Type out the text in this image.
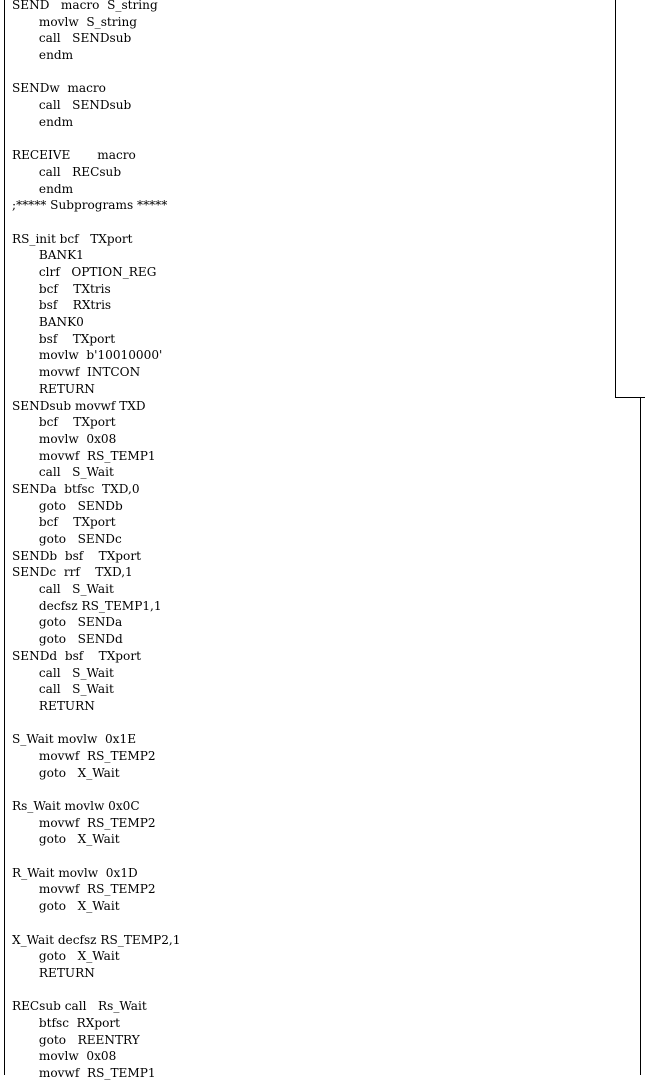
SEND   macro  S_string
movlw  S_string
call   SENDsub
endm
SENDw  macro
call   SENDsub
endm
RECEIVE       macro
call   RECsub
endm
;***** Subprograms *****
RS_init bcf   TXport
BANK1
clrf   OPTION_REG
bcf    TXtris
bsf    RXtris
BANK0
bsf    TXport
movlw  b'10010000'
movwf  INTCON
RETURN
SENDsub movwf TXD
bcf    TXport
movlw  0x08
movwf  RS_TEMP1
call   S_Wait
SENDa  btfsc  TXD,0
goto   SENDb
bcf    TXport
goto   SENDc
SENDb  bsf    TXport
SENDc  rrf    TXD,1
call   S_Wait
decfsz RS_TEMP1,1
goto   SENDa
goto   SENDd
SENDd  bsf    TXport
call   S_Wait
call   S_Wait
RETURN
S_Wait movlw  0x1E
movwf  RS_TEMP2
goto   X_Wait
Rs_Wait movlw 0x0C
movwf  RS_TEMP2
goto   X_Wait
R_Wait movlw  0x1D
movwf  RS_TEMP2
goto   X_Wait
X_Wait decfsz RS_TEMP2,1
goto   X_Wait
RETURN
RECsub call   Rs_Wait
btfsc  RXport
goto   REENTRY
movlw  0x08
movwf  RS_TEMP1
